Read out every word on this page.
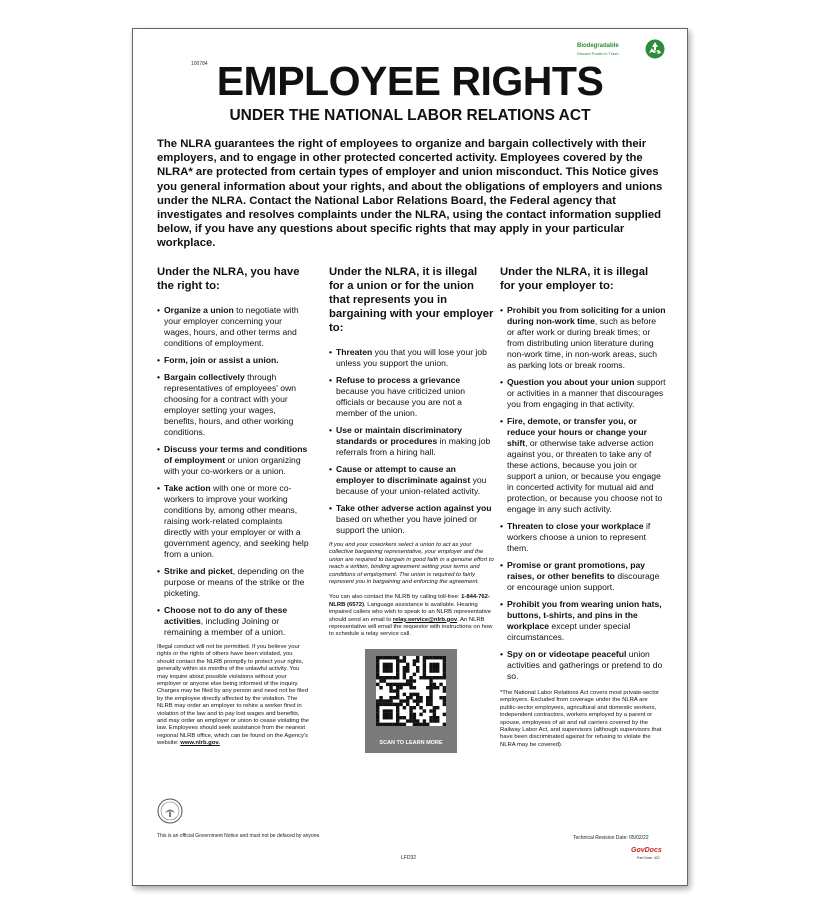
100784
Biodegradable
Discard Poster in Trash
EMPLOYEE RIGHTS
UNDER THE NATIONAL LABOR RELATIONS ACT
The NLRA guarantees the right of employees to organize and bargain collectively with their employers, and to engage in other protected concerted activity. Employees covered by the NLRA* are protected from certain types of employer and union misconduct. This Notice gives you general information about your rights, and about the obligations of employers and unions under the NLRA. Contact the National Labor Relations Board, the Federal agency that investigates and resolves complaints under the NLRA, using the contact information supplied below, if you have any questions about specific rights that may apply in your particular workplace.
Under the NLRA, you have the right to:
• Organize a union to negotiate with your employer concerning your wages, hours, and other terms and conditions of employment.
• Form, join or assist a union.
• Bargain collectively through representatives of employees' own choosing for a contract with your employer setting your wages, benefits, hours, and other working conditions.
• Discuss your terms and conditions of employment or union organizing with your co-workers or a union.
• Take action with one or more co-workers to improve your working conditions by, among other means, raising work-related complaints directly with your employer or with a government agency, and seeking help from a union.
• Strike and picket, depending on the purpose or means of the strike or the picketing.
• Choose not to do any of these activities, including Joining or remaining a member of a union.
Illegal conduct will not be permitted. If you believe your rights or the rights of others have been violated, you should contact the NLRB promptly to protect your rights, generally within six months of the unlawful activity. You may inquire about possible violations without your employer or anyone else being informed of the inquiry. Charges may be filed by any person and need not be filed by the employee directly affected by the violation. The NLRB may order an employer to rehire a worker fired in violation of the law and to pay lost wages and benefits, and may order an employer or union to cease violating the law. Employees should seek assistance from the nearest regional NLRB office, which can be found on the Agency's website: www.nlrb.gov.
Under the NLRA, it is illegal for a union or for the union that represents you in bargaining with your employer to:
• Threaten you that you will lose your job unless you support the union.
• Refuse to process a grievance because you have criticized union officials or because you are not a member of the union.
• Use or maintain discriminatory standards or procedures in making job referrals from a hiring hall.
• Cause or attempt to cause an employer to discriminate against you because of your union-related activity.
• Take other adverse action against you based on whether you have joined or support the union.
If you and your coworkers select a union to act as your collective bargaining representative, your employer and the union are required to bargain in good faith in a genuine effort to reach a written, binding agreement setting your terms and conditions of employment. The union is required to fairly represent you in bargaining and enforcing the agreement.
You can also contact the NLRB by calling toll-free: 1-844-762-NLRB (6572). Language assistance is available. Hearing impaired callers who wish to speak to an NLRB representative should send an email to relay.service@nlrb.gov. An NLRB representative will email the requestor with instructions on how to schedule a relay service call.
SCAN TO LEARN MORE
Under the NLRA, it is illegal for your employer to:
• Prohibit you from soliciting for a union during non-work time, such as before or after work or during break times; or from distributing union literature during non-work time, in non-work areas, such as parking lots or break rooms.
• Question you about your union support or activities in a manner that discourages you from engaging in that activity.
• Fire, demote, or transfer you, or reduce your hours or change your shift, or otherwise take adverse action against you, or threaten to take any of these actions, because you join or support a union, or because you engage in concerted activity for mutual aid and protection, or because you choose not to engage in any such activity.
• Threaten to close your workplace if workers choose a union to represent them.
• Promise or grant promotions, pay raises, or other benefits to discourage or encourage union support.
• Prohibit you from wearing union hats, buttons, t-shirts, and pins in the workplace except under special circumstances.
• Spy on or videotape peaceful union activities and gatherings or pretend to do so.
*The National Labor Relations Act covers most private-sector employers. Excluded from coverage under the NLRA are public-sector employees, agricultural and domestic workers, independent contractors, workers employed by a parent or spouse, employees of air and rail carriers covered by the Railway Labor Act, and supervisors (although supervisors that have been discriminated against for refusing to violate the NLRA may be covered).
This is an official Government Notice and must not be defaced by anyone.
LFD32
Technical Revision Date: 05/02/22
GovDocs
Part Date: 422
